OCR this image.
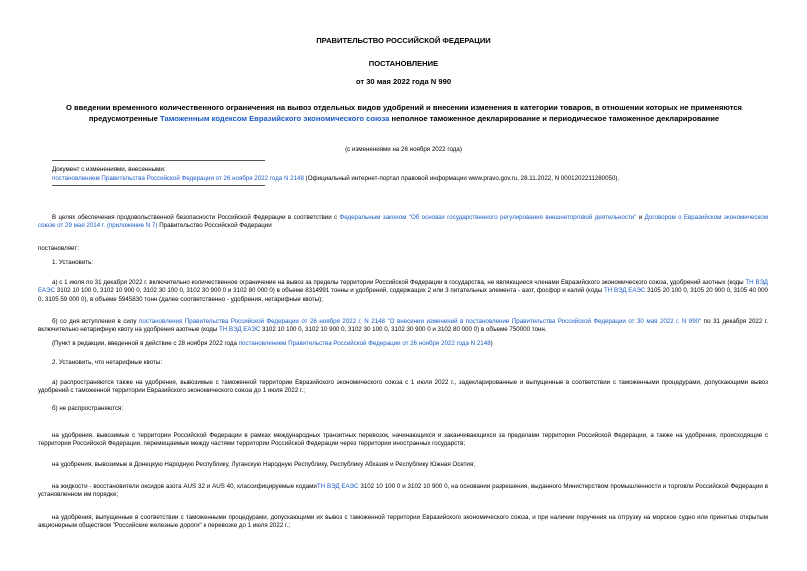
ПРАВИТЕЛЬСТВО РОССИЙСКОЙ ФЕДЕРАЦИИ
ПОСТАНОВЛЕНИЕ
от 30 мая 2022 года N 990
О введении временного количественного ограничения на вывоз отдельных видов удобрений и внесении изменения в категории товаров, в отношении которых не применяются предусмотренные Таможенным кодексом Евразийского экономического союза неполное таможенное декларирование и периодическое таможенное декларирование
(с изменениями на 26 ноября 2022 года)
Документ с изменениями, внесенными:
постановлением Правительства Российской Федерации от 26 ноября 2022 года N 2148 (Официальный интернет-портал правовой информации www.pravo.gov.ru, 28.11.2022, N 0001202211280050).
В целях обеспечения продовольственной безопасности Российской Федерации в соответствии с Федеральным законом "Об основах государственного регулирования внешнеторговой деятельности" и Договором о Евразийском экономическом союзе от 29 мая 2014 г. (приложение N 7) Правительство Российской Федерации
постановляет:
1. Установить:
а) с 1 июля по 31 декабря 2022 г. включительно количественное ограничение на вывоз за пределы территории Российской Федерации в государства, не являющиеся членами Евразийского экономического союза, удобрений азотных (коды ТН ВЭД ЕАЭС 3102 10 100 0, 3102 10 900 0, 3102 30 100 0, 3102 30 900 0 и 3102 80 000 0) в объеме 8314991 тонны и удобрений, содержащих 2 или 3 питательных элемента - азот, фосфор и калий (коды ТН ВЭД ЕАЭС 3105 20 100 0, 3105 20 900 0, 3105 40 000 0, 3105 59 000 0), в объеме 5945830 тонн (далее соответственно - удобрения, нетарифные квоты);
б) со дня вступления в силу постановления Правительства Российской Федерации от 26 ноября 2022 г. N 2148 "О внесении изменений в постановление Правительства Российской Федерации от 30 мая 2022 г. N 990" по 31 декабря 2022 г. включительно нетарифную квоту на удобрения азотные (коды ТН ВЭД ЕАЭС 3102 10 100 0, 3102 10 900 0, 3102 30 100 0, 3102 30 900 0 и 3102 80 000 0) в объеме 750000 тонн.
(Пункт в редакции, введенной в действие с 28 ноября 2022 года постановлением Правительства Российской Федерации от 26 ноября 2022 года N 2148)
2. Установить, что нетарифные квоты:
а) распространяются также на удобрения, вывозимые с таможенной территории Евразийского экономического союза с 1 июля 2022 г., задекларированные и выпущенные в соответствии с таможенными процедурами, допускающими вывоз удобрений с таможенной территории Евразийского экономического союза до 1 июля 2022 г.;
б) не распространяются:
на удобрения, вывозимые с территории Российской Федерации в рамках международных транзитных перевозок, начинающихся и заканчивающихся за пределами территории Российской Федерации, а также на удобрения, происходящие с территории Российской Федерации, перемещаемые между частями территории Российской Федерации через территории иностранных государств;
на удобрения, вывозимые в Донецкую Народную Республику, Луганскую Народную Республику, Республику Абхазия и Республику Южная Осетия;
на жидкости - восстановители оксидов азота AUS 32 и AUS 40, классифицируемые кодамиТН ВЭД ЕАЭС 3102 10 100 0 и 3102 10 900 0, на основании разрешения, выданного Министерством промышленности и торговли Российской Федерации в установленном им порядке;
на удобрения, выпущенные в соответствии с таможенными процедурами, допускающими их вывоз с таможенной территории Евразийского экономического союза, и при наличии поручения на отгрузку на морское судно или принятые открытым акционерным обществом "Российские железные дороги" к перевозке до 1 июля 2022 г.;
